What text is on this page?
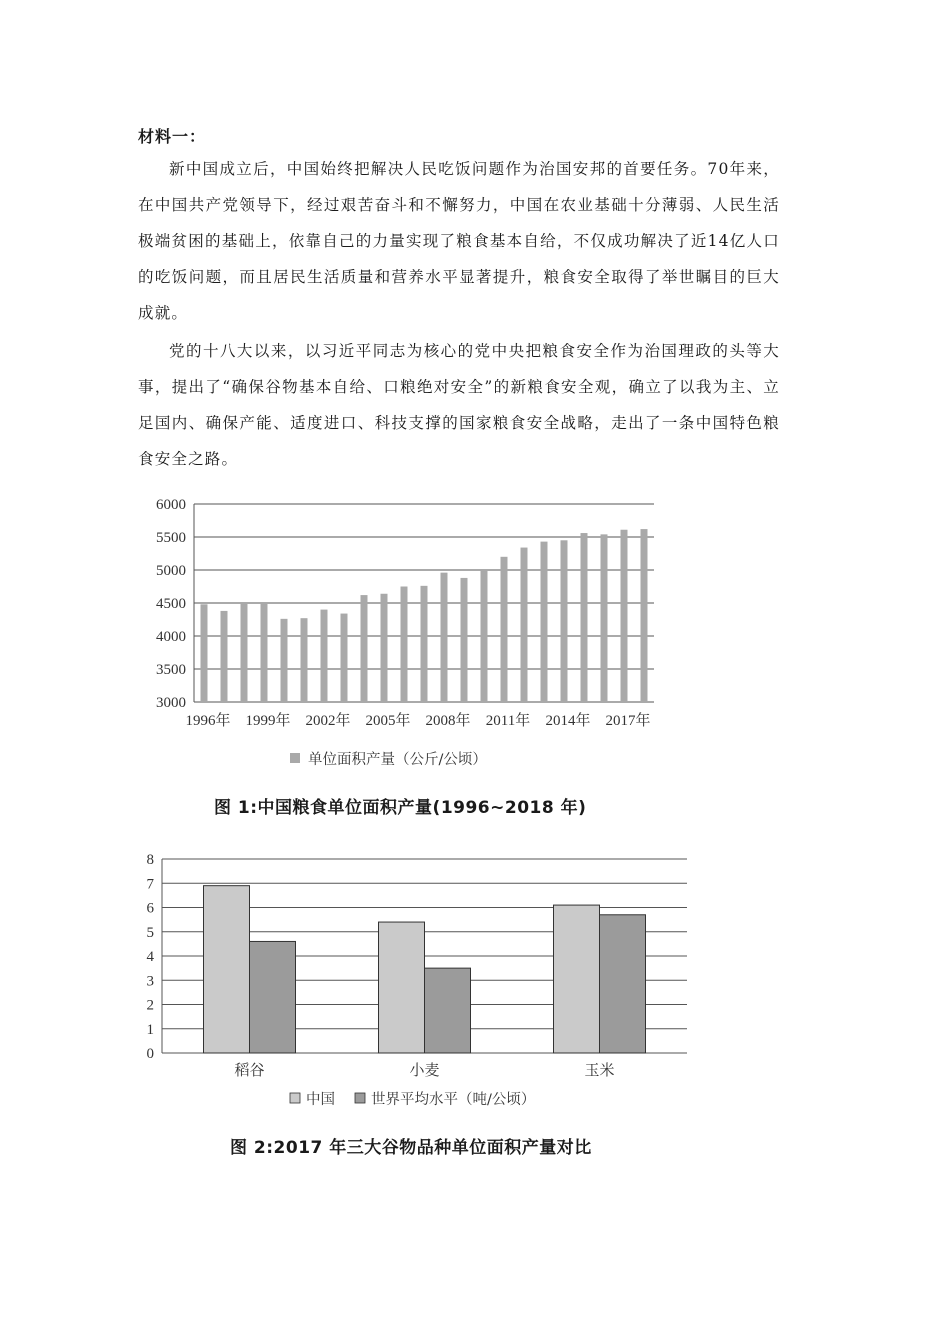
材料一：

新中国成立后，中国始终把解决人民吃饭问题作为治国安邦的首要任务。70年来，在中国共产党领导下，经过艰苦奋斗和不懈努力，中国在农业基础十分薄弱、人民生活极端贫困的基础上，依靠自己的力量实现了粮食基本自给，不仅成功解决了近14亿人口的吃饭问题，而且居民生活质量和营养水平显著提升，粮食安全取得了举世瞩目的巨大成就。

党的十八大以来，以习近平同志为核心的党中央把粮食安全作为治国理政的头等大事，提出了“确保谷物基本自给、口粮绝对安全”的新粮食安全观，确立了以我为主、立足国内、确保产能、适度进口、科技支撑的国家粮食安全战略，走出了一条中国特色粮食安全之路。

3000
3500
4000
4500
5000
5500
6000
1996年 1999年 2002年 2005年 2008年 2011年 2014年 2017年
单位面积产量（公斤/公顷）
图 1:中国粮食单位面积产量(1996~2018 年)
0
1
2
3
4
5
6
7
8
稻谷	小麦	玉米
中国 世界平均水平（吨/公顷）
图 2:2017 年三大谷物品种单位面积产量对比
